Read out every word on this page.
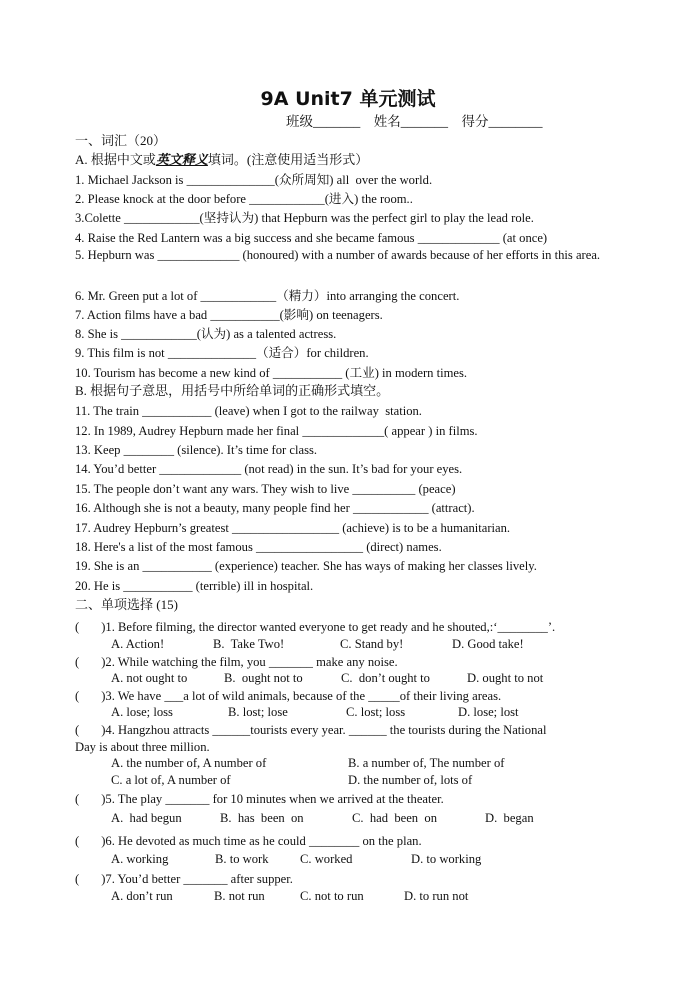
9A Unit7 单元测试
班级_______ 姓名_______ 得分________
一、词汇（20）
A. 根据中文或英文释义填词。(注意使用适当形式）
1. Michael Jackson is ______________(众所周知) all  over the world.
2. Please knock at the door before ____________(进入) the room..
3.Colette ____________(坚持认为) that Hepburn was the perfect girl to play the lead role.
4. Raise the Red Lantern was a big success and she became famous _____________ (at once)
5. Hepburn was _____________ (honoured) with a number of awards because of her efforts in this area.
6. Mr. Green put a lot of ____________（精力）into arranging the concert.
7. Action films have a bad ___________(影响) on teenagers.
8. She is ____________(认为) as a talented actress.
9. This film is not ______________（适合）for children.
10. Tourism has become a new kind of ___________ (工业) in modern times.
B. 根据句子意思，用括号中所给单词的正确形式填空。
11. The train ___________ (leave) when I got to the railway  station.
12. In 1989, Audrey Hepburn made her final _____________( appear ) in films.
13. Keep ________ (silence). It’s time for class.
14. You’d better _____________ (not read) in the sun. It’s bad for your eyes.
15. The people don’t want any wars. They wish to live __________ (peace)
16. Although she is not a beauty, many people find her ____________ (attract).
17. Audrey Hepburn’s greatest _________________ (achieve) is to be a humanitarian.
18. Here's a list of the most famous _________________ (direct) names.
19. She is an ___________ (experience) teacher. She has ways of making her classes lively.
20. He is ___________ (terrible) ill in hospital.
二、单项选择 (15)
(       )1. Before filming, the director wanted everyone to get ready and he shouted,:‘________’.
A. Action!	B.  Take Two!	C. Stand by!	D. Good take!
(       )2. While watching the film, you _______ make any noise.
A. not ought to	B.  ought not to	C.  don’t ought to	D. ought to not
(       )3. We have ___a lot of wild animals, because of the _____of their living areas.
A. lose; loss	B. lost; lose	C. lost; loss	D. lose; lost
(       )4. Hangzhou attracts ______tourists every year. ______ the tourists during the National
Day is about three million.
A. the number of, A number of	B. a number of, The number of
C. a lot of, A number of	D. the number of, lots of
(       )5. The play _______ for 10 minutes when we arrived at the theater.
A.  had begun	B.  has  been  on	C.  had  been  on	D.  began
(       )6. He devoted as much time as he could ________ on the plan.
A. working	B. to work C. worked	D. to working
(       )7. You’d better _______ after supper.
A. don’t run	B. not run	C. not to run	D. to run not
